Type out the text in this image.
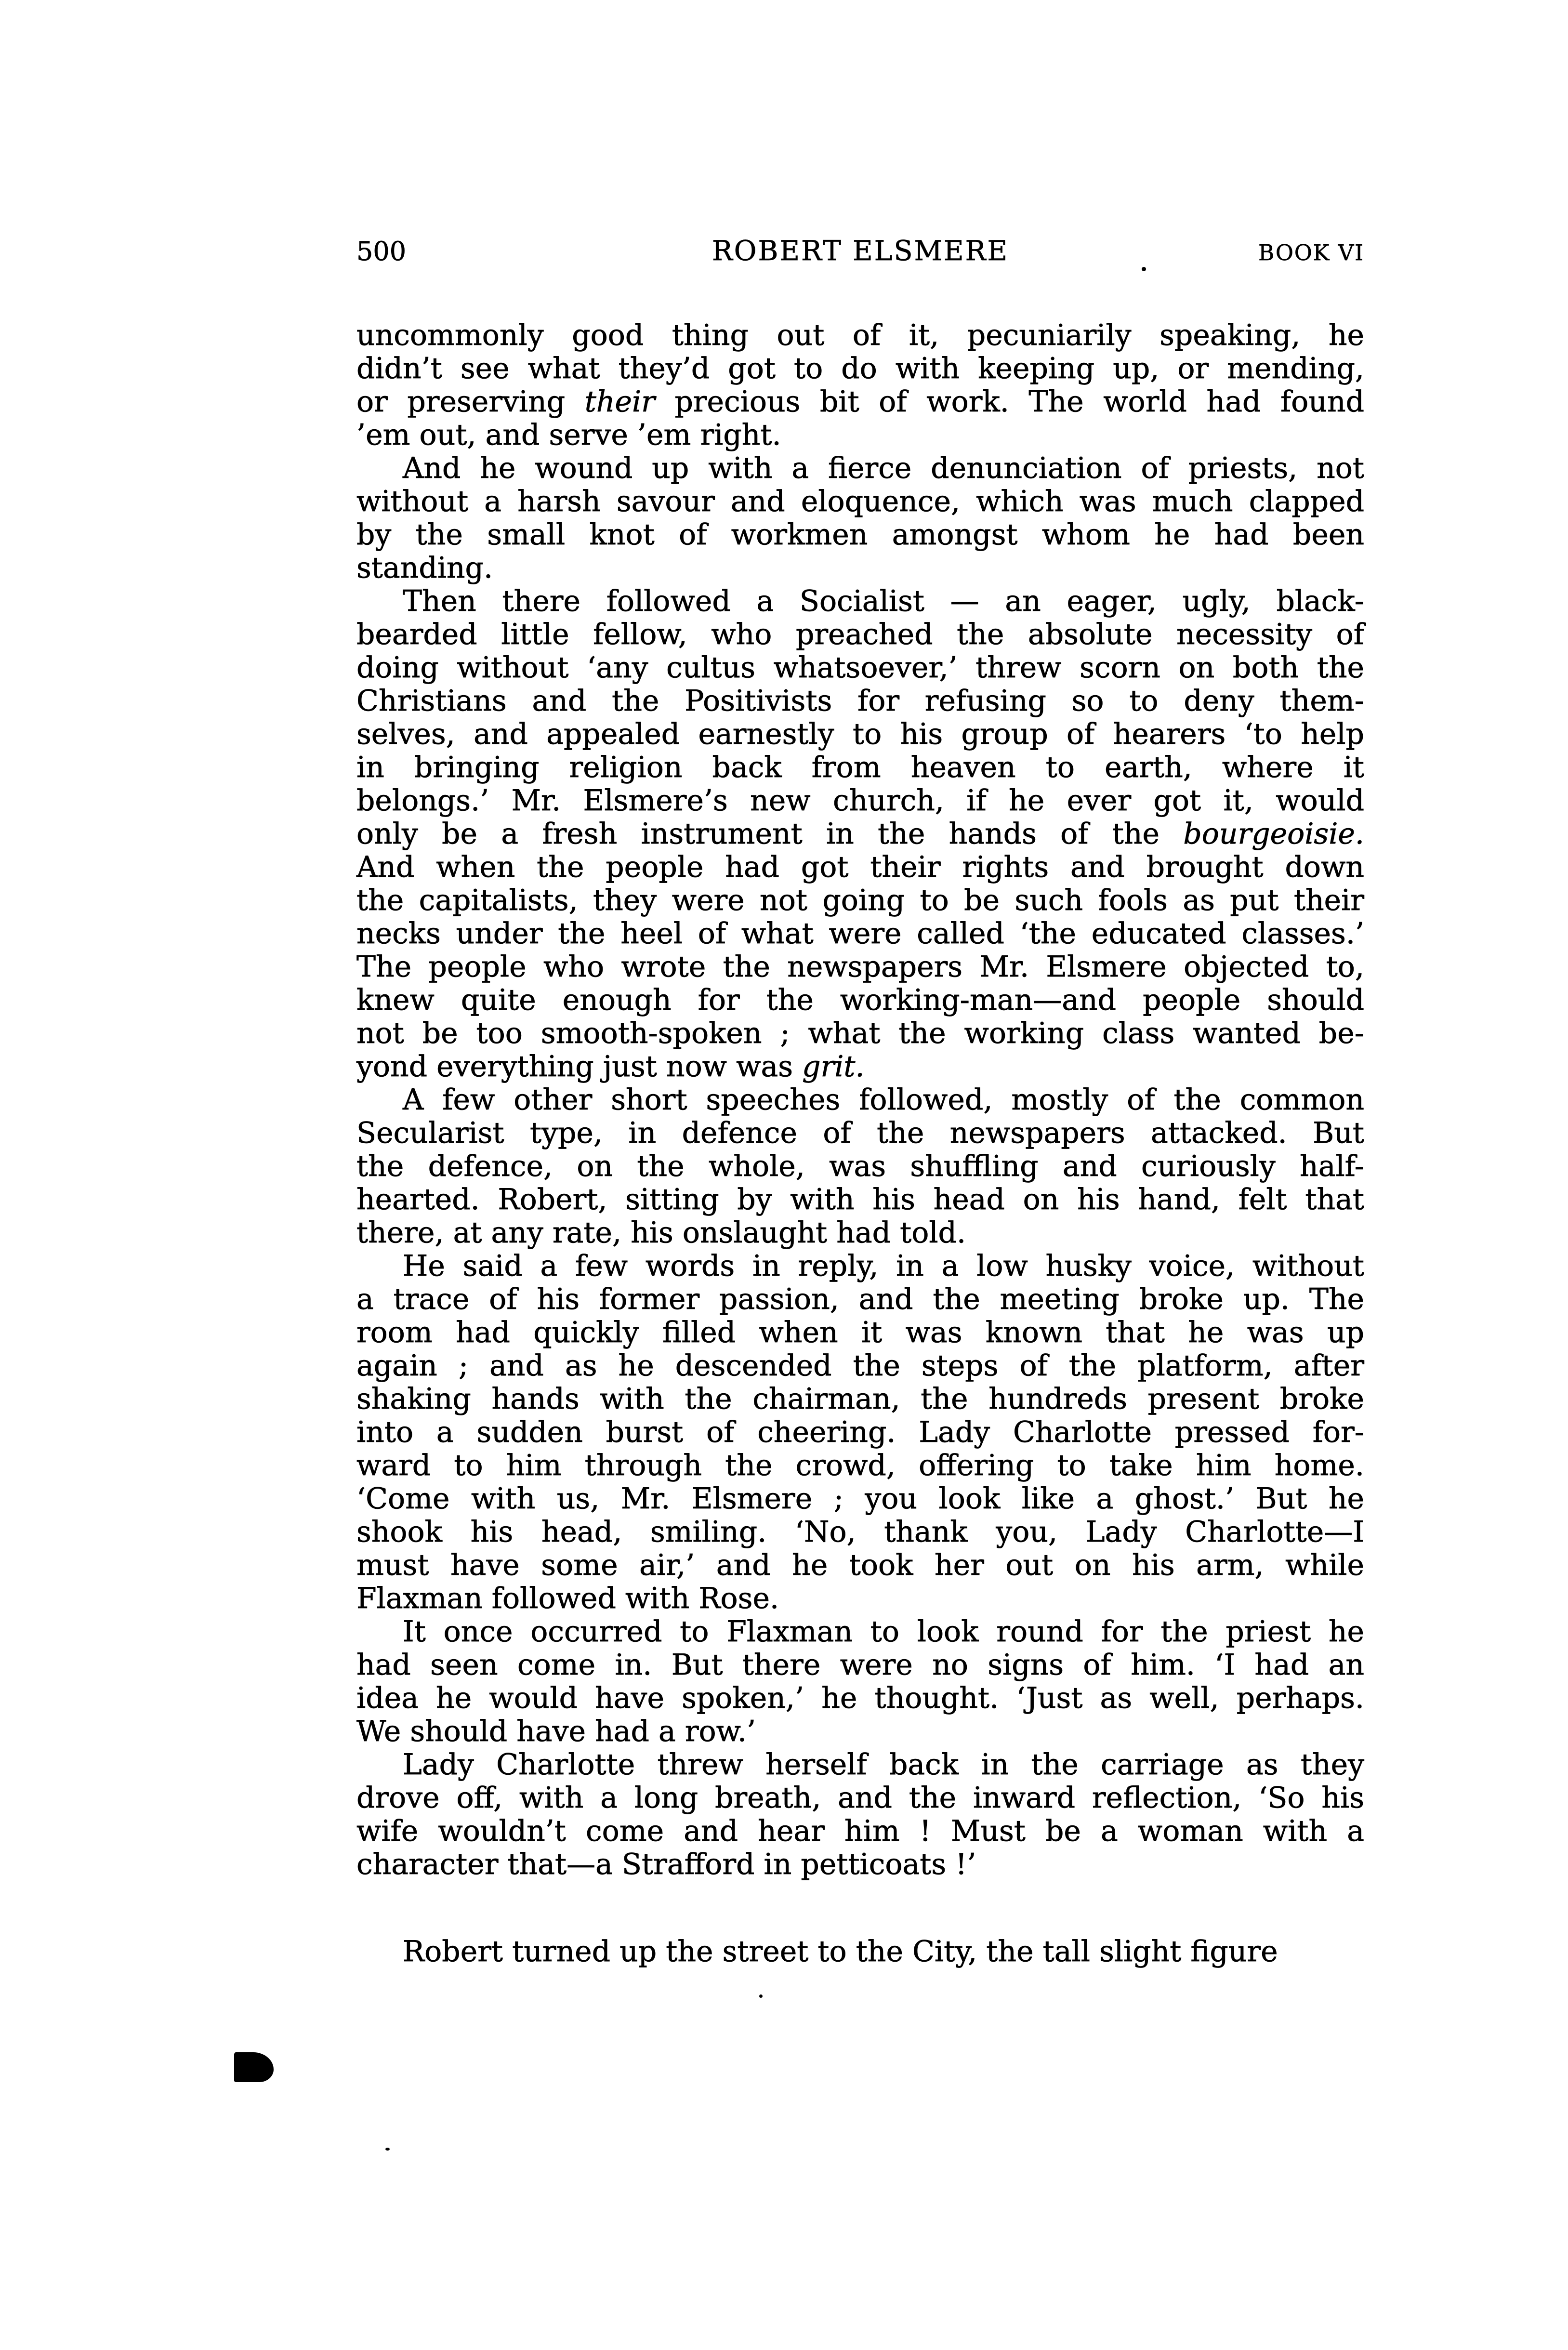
500	ROBERT ELSMERE	BOOK VI
uncommonly good thing out of it, pecuniarily speaking, he
didn’t see what they’d got to do with keeping up, or mending,
or preserving their precious bit of work. The world had found
’em out, and serve ’em right.
And he wound up with a fierce denunciation of priests, not
without a harsh savour and eloquence, which was much clapped
by the small knot of workmen amongst whom he had been
standing.
Then there followed a Socialist — an eager, ugly, black-
bearded little fellow, who preached the absolute necessity of
doing without ‘any cultus whatsoever,’ threw scorn on both the
Christians and the Positivists for refusing so to deny them-
selves, and appealed earnestly to his group of hearers ‘to help
in bringing religion back from heaven to earth, where it
belongs.’ Mr. Elsmere’s new church, if he ever got it, would
only be a fresh instrument in the hands of the bourgeoisie.
And when the people had got their rights and brought down
the capitalists, they were not going to be such fools as put their
necks under the heel of what were called ‘the educated classes.’
The people who wrote the newspapers Mr. Elsmere objected to,
knew quite enough for the working-man—and people should
not be too smooth-spoken ; what the working class wanted be-
yond everything just now was grit.
A few other short speeches followed, mostly of the common
Secularist type, in defence of the newspapers attacked. But
the defence, on the whole, was shuffling and curiously half-
hearted. Robert, sitting by with his head on his hand, felt that
there, at any rate, his onslaught had told.
He said a few words in reply, in a low husky voice, without
a trace of his former passion, and the meeting broke up. The
room had quickly filled when it was known that he was up
again ; and as he descended the steps of the platform, after
shaking hands with the chairman, the hundreds present broke
into a sudden burst of cheering. Lady Charlotte pressed for-
ward to him through the crowd, offering to take him home.
‘Come with us, Mr. Elsmere ; you look like a ghost.’ But he
shook his head, smiling. ‘No, thank you, Lady Charlotte—I
must have some air,’ and he took her out on his arm, while
Flaxman followed with Rose.
It once occurred to Flaxman to look round for the priest he
had seen come in. But there were no signs of him. ‘I had an
idea he would have spoken,’ he thought. ‘Just as well, perhaps.
We should have had a row.’
Lady Charlotte threw herself back in the carriage as they
drove off, with a long breath, and the inward reflection, ‘So his
wife wouldn’t come and hear him ! Must be a woman with a
character that—a Strafford in petticoats !’
Robert turned up the street to the City, the tall slight figure
